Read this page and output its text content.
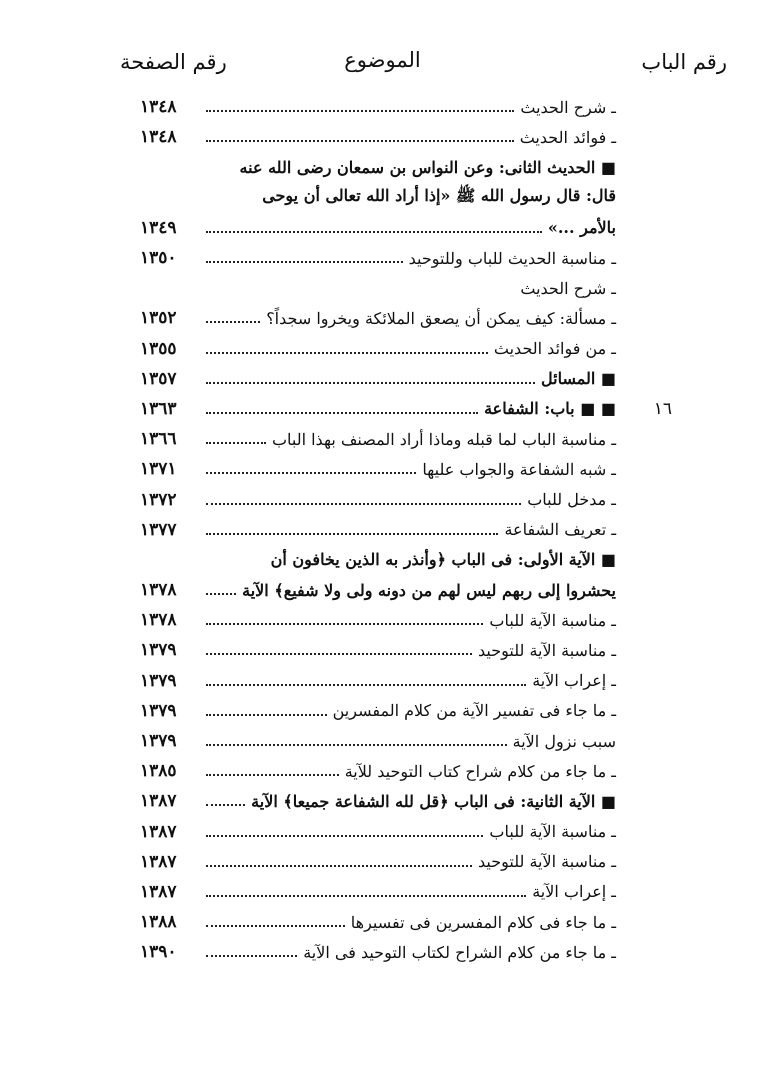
رقم الباب
الموضوع
رقم الصفحة
ـ شرح الحديث
١٣٤٨
ـ فوائد الحديث
١٣٤٨
■ الحديث الثانى: وعن النواس بن سمعان رضى الله عنه
قال: قال رسول الله ﷺ «إذا أراد الله تعالى أن يوحى
بالأمر ...»
١٣٤٩
ـ مناسبة الحديث للباب وللتوحيد
١٣٥٠
ـ شرح الحديث
ـ مسألة: كيف يمكن أن يصعق الملائكة ويخروا سجداً؟
١٣٥٢
ـ من فوائد الحديث
١٣٥٥
■ المسائل
١٣٥٧
■ ■ باب: الشفاعة
١٣٦٣	١٦
ـ مناسبة الباب لما قبله وماذا أراد المصنف بهذا الباب
١٣٦٦
ـ شبه الشفاعة والجواب عليها
١٣٧١
ـ مدخل للباب
١٣٧٢
ـ تعريف الشفاعة
١٣٧٧
■ الآية الأولى: فى الباب ﴿وأنذر به الذين يخافون أن
يحشروا إلى ربهم ليس لهم من دونه ولى ولا شفيع﴾ الآية
١٣٧٨
ـ مناسبة الآية للباب
١٣٧٨
ـ مناسبة الآية للتوحيد
١٣٧٩
ـ إعراب الآية
١٣٧٩
ـ ما جاء فى تفسير الآية من كلام المفسرين
١٣٧٩
سبب نزول الآية
١٣٧٩
ـ ما جاء من كلام شراح كتاب التوحيد للآية
١٣٨٥
■ الآية الثانية: فى الباب ﴿قل لله الشفاعة جميعا﴾ الآية
١٣٨٧
ـ مناسبة الآية للباب
١٣٨٧
ـ مناسبة الآية للتوحيد
١٣٨٧
ـ إعراب الآية
١٣٨٧
ـ ما جاء فى كلام المفسرين فى تفسيرها
١٣٨٨
ـ ما جاء من كلام الشراح لكتاب التوحيد فى الآية
١٣٩٠
